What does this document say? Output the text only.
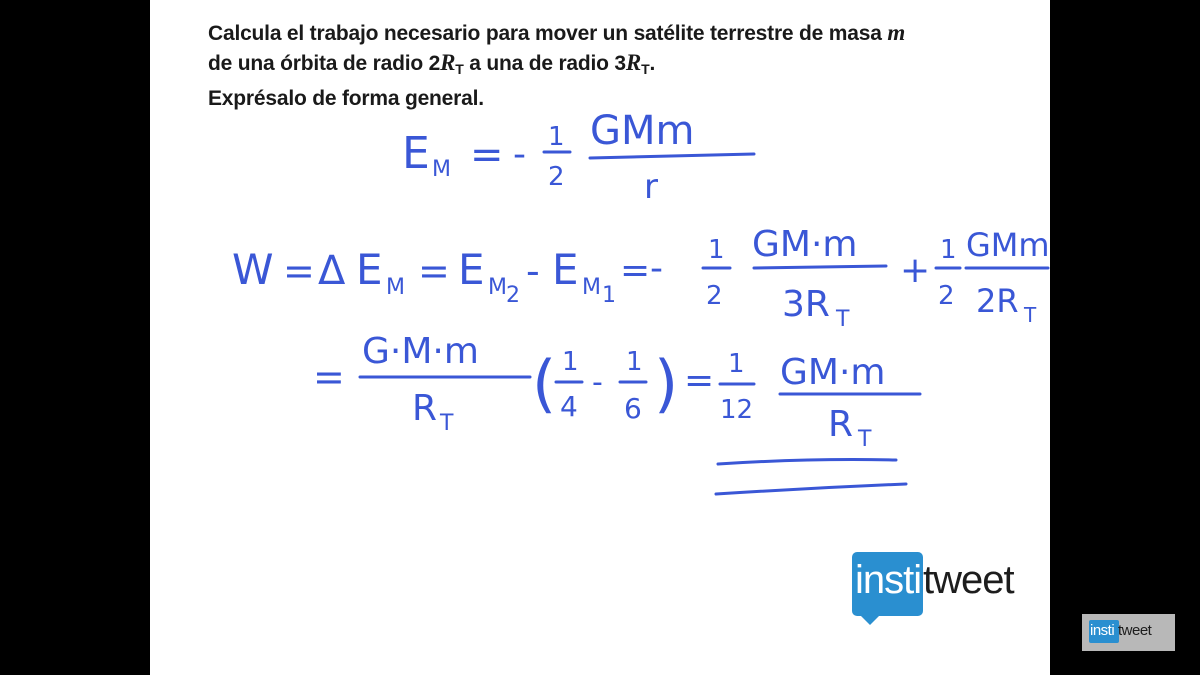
Calcula el trabajo necesario para mover un satélite terrestre de masa m
de una órbita de radio $2R_T$ a una de radio $3R_T$.
Exprésalo de forma general.
E M = - 1
2
GMm
r
W = Δ E M = E M 2
- E M 1
= - 1
2
GM·m
3R T
+ 1
2
GMm
2R T
=
G·M·m
R T
( 1
4
-
1
6 ) = 1
12
GM·m
R T
insti tweet
insti tweet
